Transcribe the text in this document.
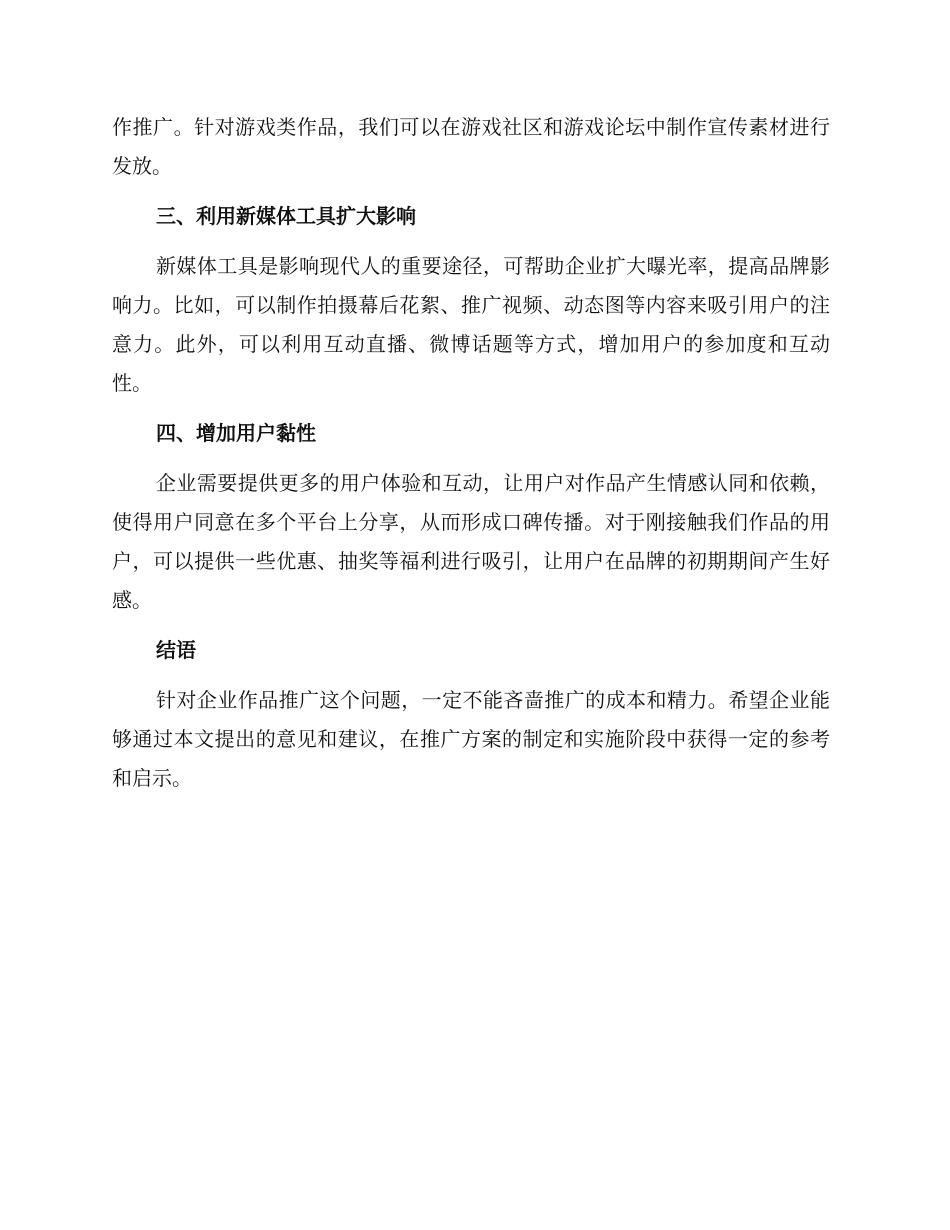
作推广。针对游戏类作品，我们可以在游戏社区和游戏论坛中制作宣传素材进行发放。

三、利用新媒体工具扩大影响

新媒体工具是影响现代人的重要途径，可帮助企业扩大曝光率，提高品牌影响力。比如，可以制作拍摄幕后花絮、推广视频、动态图等内容来吸引用户的注意力。此外，可以利用互动直播、微博话题等方式，增加用户的参加度和互动性。

四、增加用户黏性

企业需要提供更多的用户体验和互动，让用户对作品产生情感认同和依赖，使得用户同意在多个平台上分享，从而形成口碑传播。对于刚接触我们作品的用户，可以提供一些优惠、抽奖等福利进行吸引，让用户在品牌的初期期间产生好感。

结语

针对企业作品推广这个问题，一定不能吝啬推广的成本和精力。希望企业能够通过本文提出的意见和建议，在推广方案的制定和实施阶段中获得一定的参考和启示。
